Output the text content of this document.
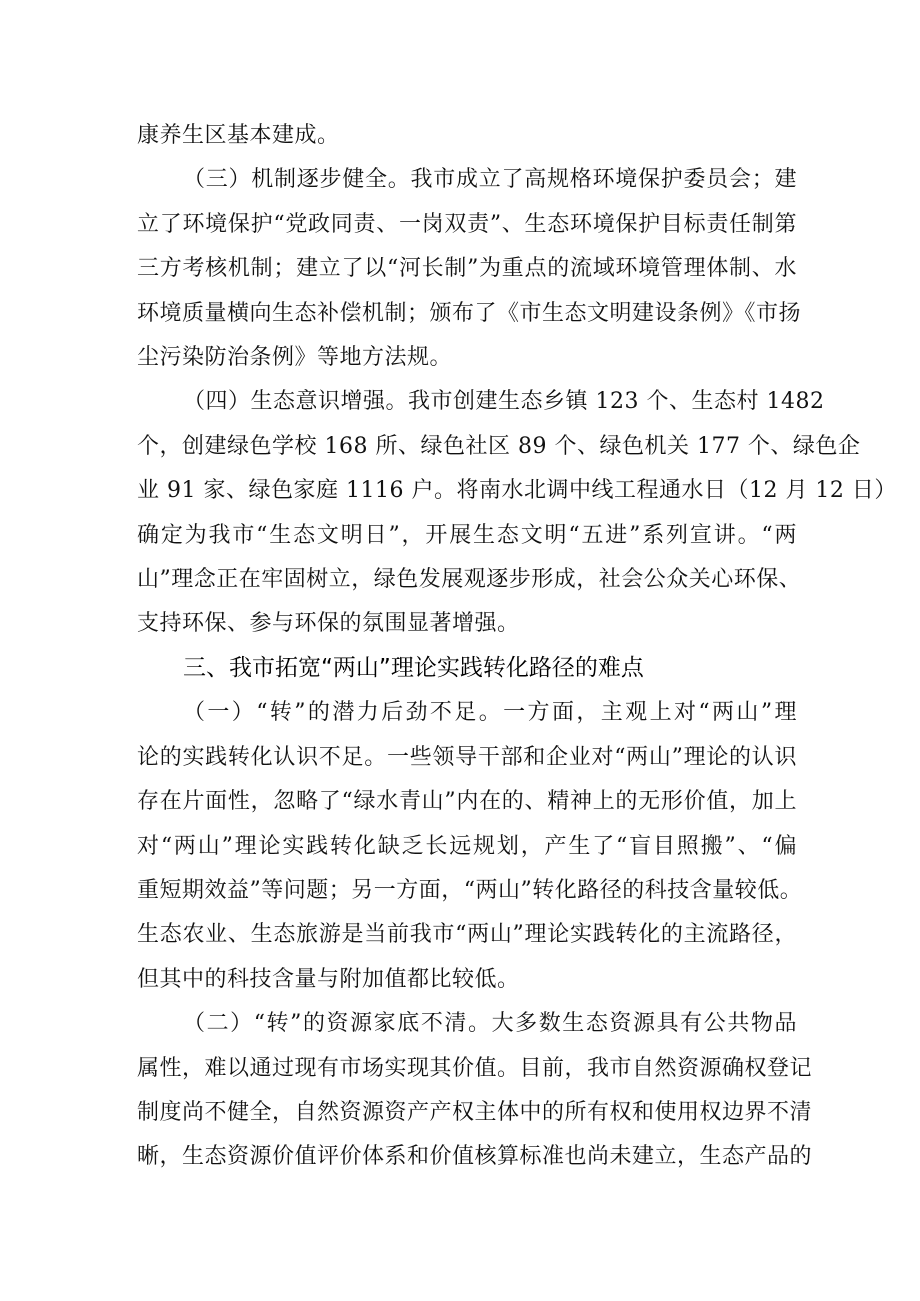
康养生区基本建成。
（三）机制逐步健全。我市成立了高规格环境保护委员会；建
立了环境保护“党政同责、一岗双责”、生态环境保护目标责任制第
三方考核机制；建立了以“河长制”为重点的流域环境管理体制、水
环境质量横向生态补偿机制；颁布了《市生态文明建设条例》《市扬
尘污染防治条例》等地方法规。
（四）生态意识增强。我市创建生态乡镇 123 个、生态村 1482
个，创建绿色学校 168 所、绿色社区 89 个、绿色机关 177 个、绿色企
业 91 家、绿色家庭 1116 户。将南水北调中线工程通水日（12 月 12 日）
确定为我市“生态文明日”，开展生态文明“五进”系列宣讲。“两
山”理念正在牢固树立，绿色发展观逐步形成，社会公众关心环保、
支持环保、参与环保的氛围显著增强。
三、我市拓宽“两山”理论实践转化路径的难点
（一）“转”的潜力后劲不足。一方面，主观上对“两山”理
论的实践转化认识不足。一些领导干部和企业对“两山”理论的认识
存在片面性，忽略了“绿水青山”内在的、精神上的无形价值，加上
对“两山”理论实践转化缺乏长远规划，产生了“盲目照搬”、“偏
重短期效益”等问题；另一方面，“两山”转化路径的科技含量较低。
生态农业、生态旅游是当前我市“两山”理论实践转化的主流路径，
但其中的科技含量与附加值都比较低。
（二）“转”的资源家底不清。大多数生态资源具有公共物品
属性，难以通过现有市场实现其价值。目前，我市自然资源确权登记
制度尚不健全，自然资源资产产权主体中的所有权和使用权边界不清
晰，生态资源价值评价体系和价值核算标准也尚未建立，生态产品的
